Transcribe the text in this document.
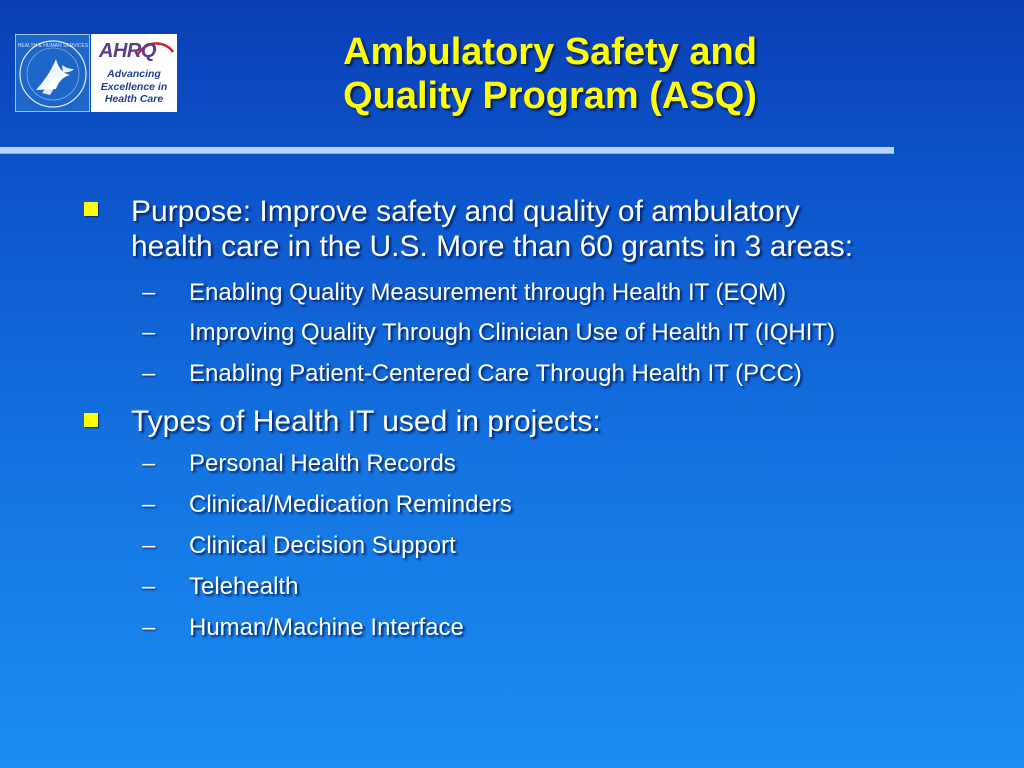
HEALTH & HUMAN SERVICES AHRQ
Advancing
Excellence in
Health Care
Ambulatory Safety and
Quality Program (ASQ)
Purpose: Improve safety and quality of ambulatory
health care in the U.S. More than 60 grants in 3 areas:
– Enabling Quality Measurement through Health IT (EQM)
– Improving Quality Through Clinician Use of Health IT (IQHIT)
– Enabling Patient-Centered Care Through Health IT (PCC)
Types of Health IT used in projects:
– Personal Health Records
– Clinical/Medication Reminders
– Clinical Decision Support
– Telehealth
– Human/Machine Interface
